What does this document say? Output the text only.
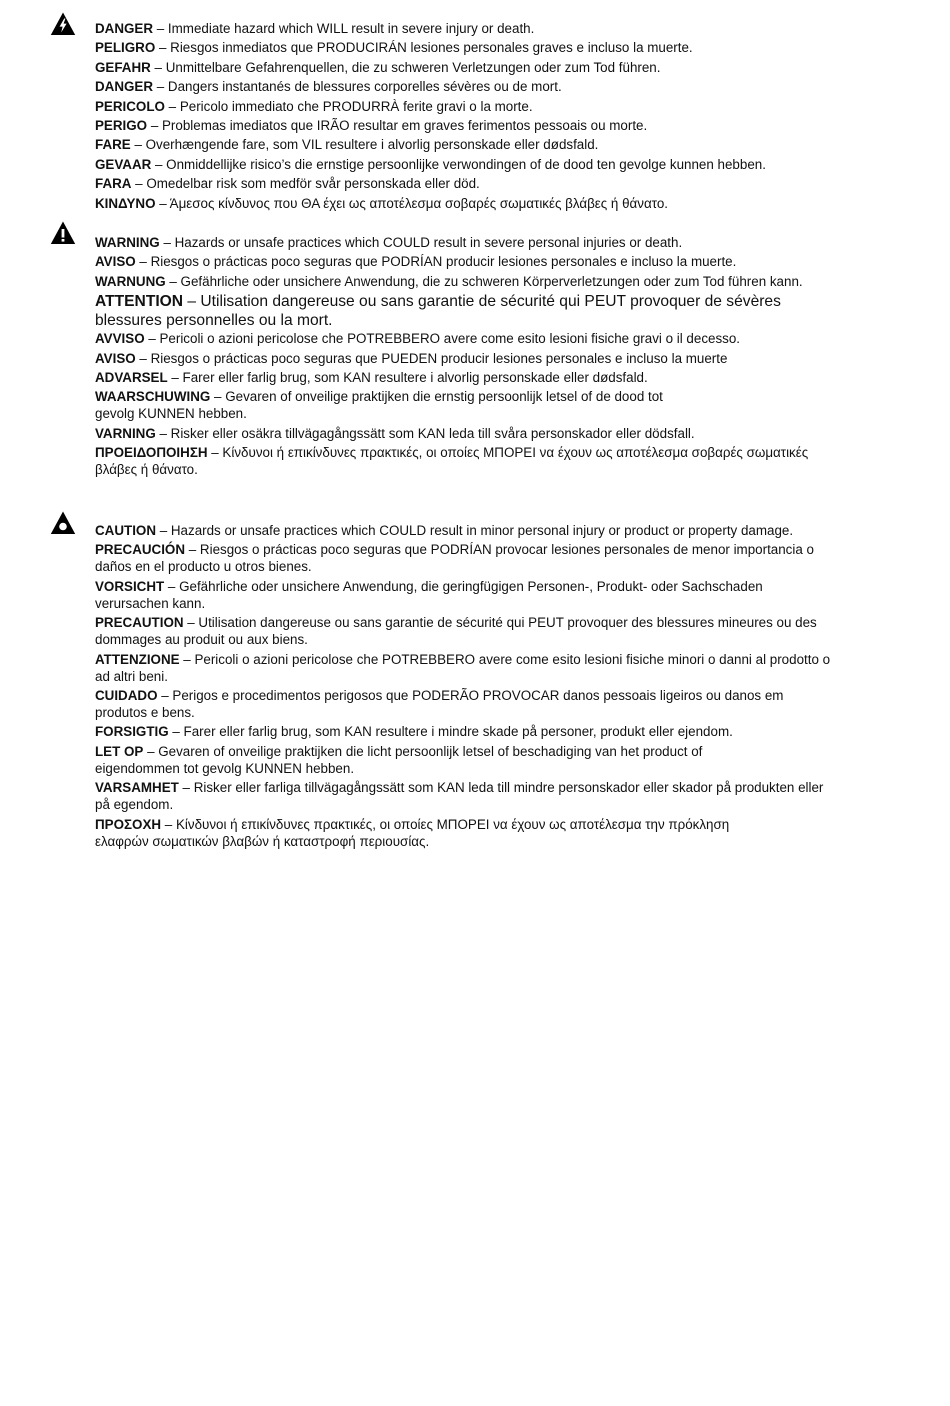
DANGER – Immediate hazard which WILL result in severe injury or death.

PELIGRO – Riesgos inmediatos que PRODUCIRÁN lesiones personales graves e incluso la muerte.

GEFAHR – Unmittelbare Gefahrenquellen, die zu schweren Verletzungen oder zum Tod führen.

DANGER – Dangers instantanés de blessures corporelles sévères ou de mort.

PERICOLO – Pericolo immediato che PRODURRÀ ferite gravi o la morte.

PERIGO – Problemas imediatos que IRÃO resultar em graves ferimentos pessoais ou morte.

FARE – Overhængende fare, som VIL resultere i alvorlig personskade eller dødsfald.

GEVAAR – Onmiddellijke risico’s die ernstige persoonlijke verwondingen of de dood ten gevolge kunnen hebben.

FARA – Omedelbar risk som medför svår personskada eller död.

ΚΙΝΔΥΝΟ – Άμεσος κίνδυνος που ΘΑ έχει ως αποτέλεσμα σοβαρές σωματικές βλάβες ή θάνατο.

WARNING – Hazards or unsafe practices which COULD result in severe personal injuries or death.

AVISO – Riesgos o prácticas poco seguras que PODRÍAN producir lesiones personales e incluso la muerte.

WARNUNG – Gefährliche oder unsichere Anwendung, die zu schweren Körperverletzungen oder zum Tod führen kann.

ATTENTION – Utilisation dangereuse ou sans garantie de sécurité qui PEUT provoquer de sévères blessures personnelles ou la mort.

AVVISO – Pericoli o azioni pericolose che POTREBBERO avere come esito lesioni fisiche gravi o il decesso.

AVISO – Riesgos o prácticas poco seguras que PUEDEN producir lesiones personales e incluso la muerte

ADVARSEL – Farer eller farlig brug, som KAN resultere i alvorlig personskade eller dødsfald.

WAARSCHUWING – Gevaren of onveilige praktijken die ernstig persoonlijk letsel of de dood tot gevolg KUNNEN hebben.

VARNING – Risker eller osäkra tillvägagångssätt som KAN leda till svåra personskador eller dödsfall.

ΠΡΟΕΙΔΟΠΟΙΗΣΗ – Κίνδυνοι ή επικίνδυνες πρακτικές, οι οποίες ΜΠΟΡΕΙ να έχουν ως αποτέλεσμα σοβαρές σωματικές βλάβες ή θάνατο.

CAUTION – Hazards or unsafe practices which COULD result in minor personal injury or product or property damage.

PRECAUCIÓN – Riesgos o prácticas poco seguras que PODRÍAN provocar lesiones personales de menor importancia o daños en el producto u otros bienes.

VORSICHT – Gefährliche oder unsichere Anwendung, die geringfügigen Personen-, Produkt- oder Sachschaden verursachen kann.

PRECAUTION – Utilisation dangereuse ou sans garantie de sécurité qui PEUT provoquer des blessures mineures ou des dommages au produit ou aux biens.

ATTENZIONE – Pericoli o azioni pericolose che POTREBBERO avere come esito lesioni fisiche minori o danni al prodotto o ad altri beni.

CUIDADO – Perigos e procedimentos perigosos que PODERÃO PROVOCAR danos pessoais ligeiros ou danos em produtos e bens.

FORSIGTIG – Farer eller farlig brug, som KAN resultere i mindre skade på personer, produkt eller ejendom.

LET OP – Gevaren of onveilige praktijken die licht persoonlijk letsel of beschadiging van het product of eigendommen tot gevolg KUNNEN hebben.

VARSAMHET – Risker eller farliga tillvägagångssätt som KAN leda till mindre personskador eller skador på produkten eller på egendom.

ΠΡΟΣΟΧΗ – Κίνδυνοι ή επικίνδυνες πρακτικές, οι οποίες ΜΠΟΡΕΙ να έχουν ως αποτέλεσμα την πρόκληση ελαφρών σωματικών βλαβών ή καταστροφή περιουσίας.
